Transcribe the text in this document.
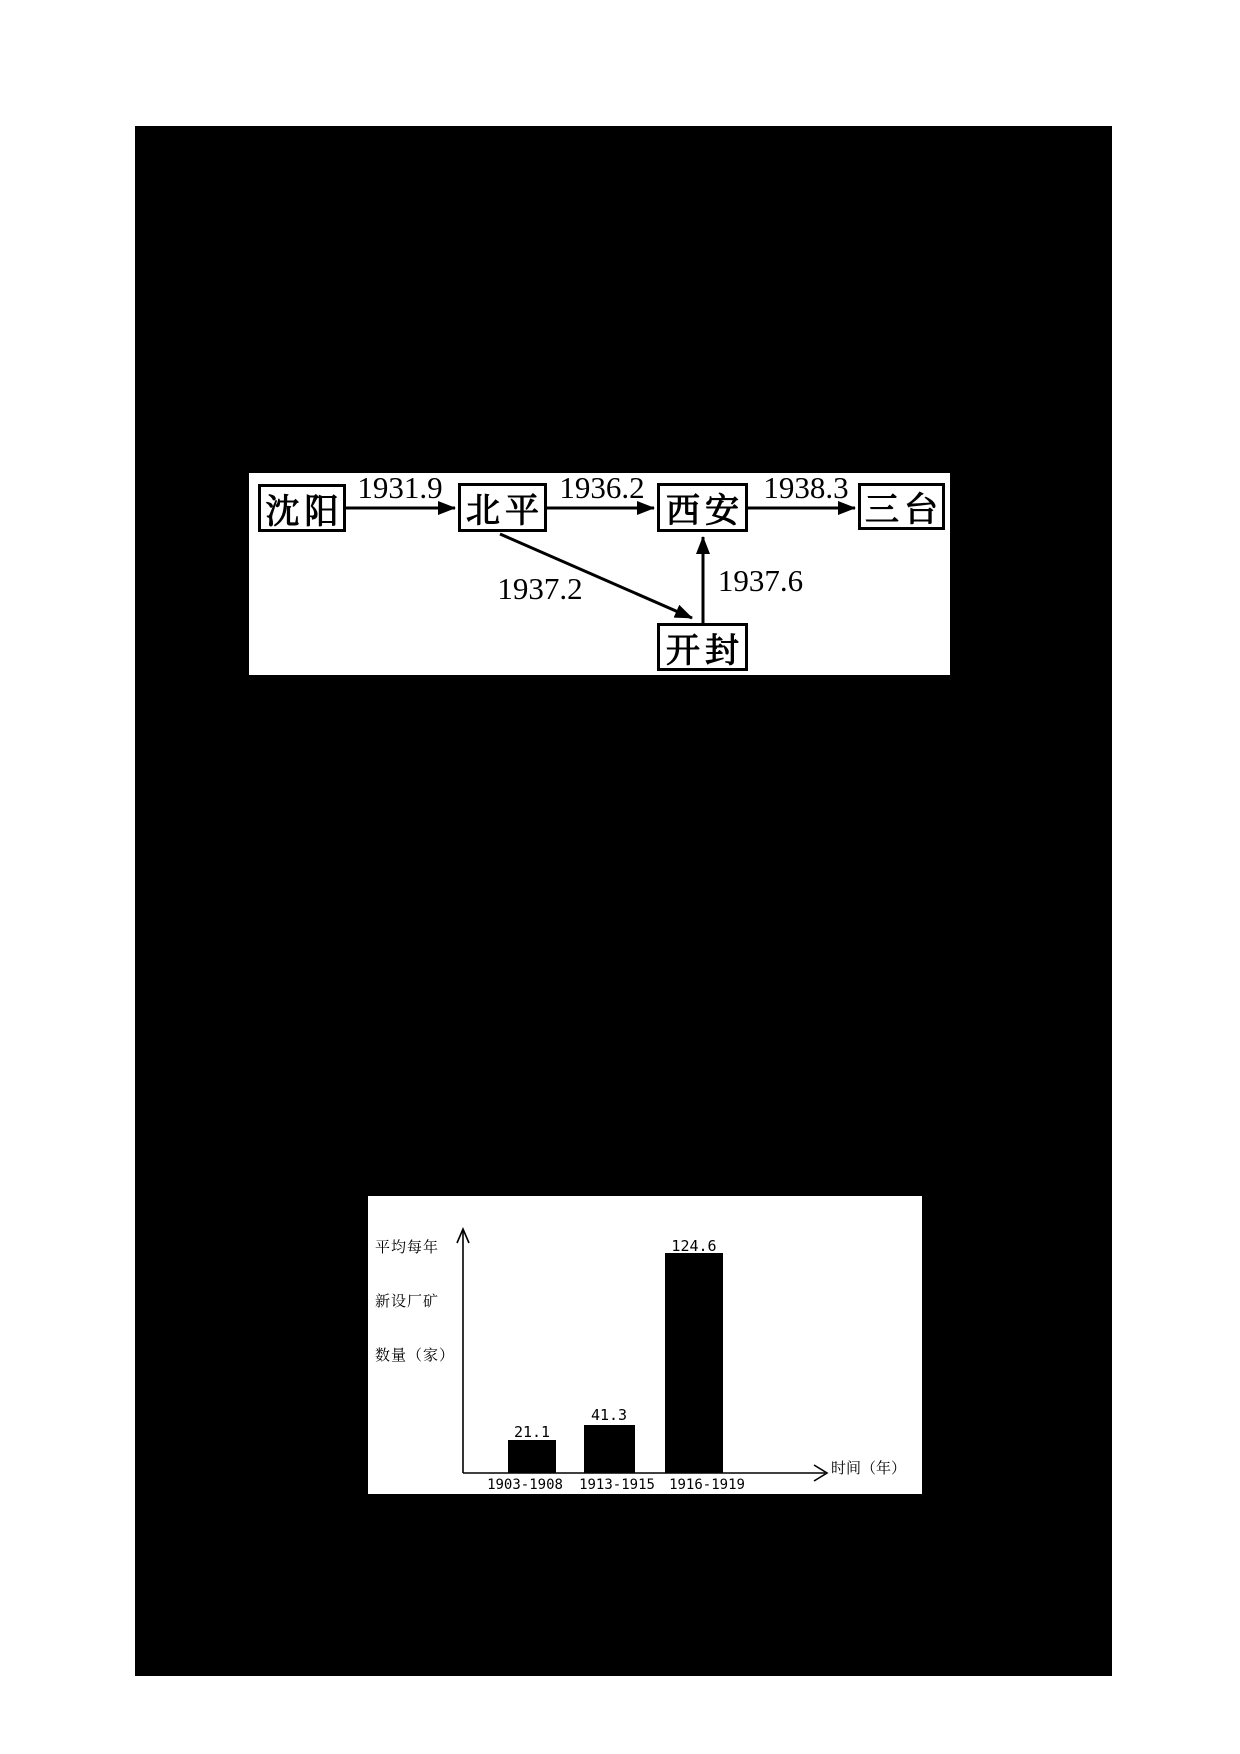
沈阳	北平	西安	三台
开封
1931.9	1936.2	1938.3
1937.2	1937.6

平均每年

新设厂矿

数量（家）

21.1
41.3
124.6
1903-1908 1913-1915 1916-1919
时间（年）
